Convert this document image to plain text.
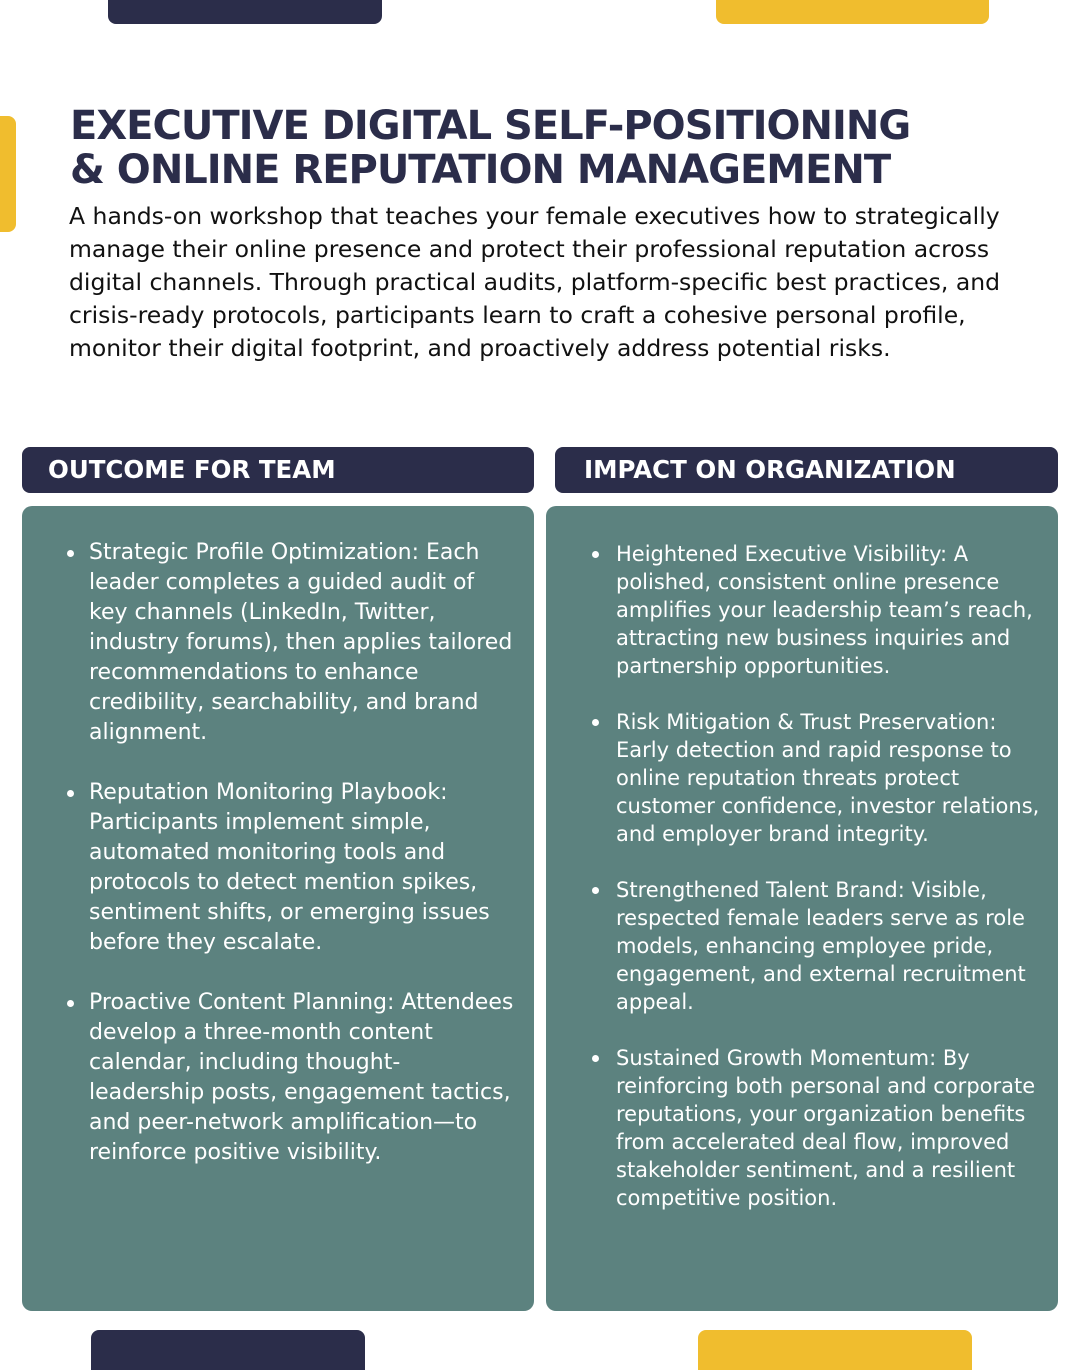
EXECUTIVE DIGITAL SELF-POSITIONING
& ONLINE REPUTATION MANAGEMENT

A hands-on workshop that teaches your female executives how to strategically manage their online presence and protect their professional reputation across digital channels. Through practical audits, platform-specific best practices, and crisis-ready protocols, participants learn to craft a cohesive personal profile, monitor their digital footprint, and proactively address potential risks.

OUTCOME FOR TEAM	IMPACT ON ORGANIZATION
Strategic Profile Optimization: Each leader completes a guided audit of key channels (LinkedIn, Twitter, industry forums), then applies tailored recommendations to enhance credibility, searchability, and brand alignment.
Reputation Monitoring Playbook: Participants implement simple, automated monitoring tools and protocols to detect mention spikes, sentiment shifts, or emerging issues before they escalate.
Proactive Content Planning: Attendees develop a three-month content calendar, including thought-leadership posts, engagement tactics, and peer-network amplification—to reinforce positive visibility.
Heightened Executive Visibility: A polished, consistent online presence amplifies your leadership team’s reach, attracting new business inquiries and partnership opportunities.
Risk Mitigation & Trust Preservation: Early detection and rapid response to online reputation threats protect customer confidence, investor relations, and employer brand integrity.
Strengthened Talent Brand: Visible, respected female leaders serve as role models, enhancing employee pride, engagement, and external recruitment appeal.
Sustained Growth Momentum: By reinforcing both personal and corporate reputations, your organization benefits from accelerated deal flow, improved stakeholder sentiment, and a resilient competitive position.
